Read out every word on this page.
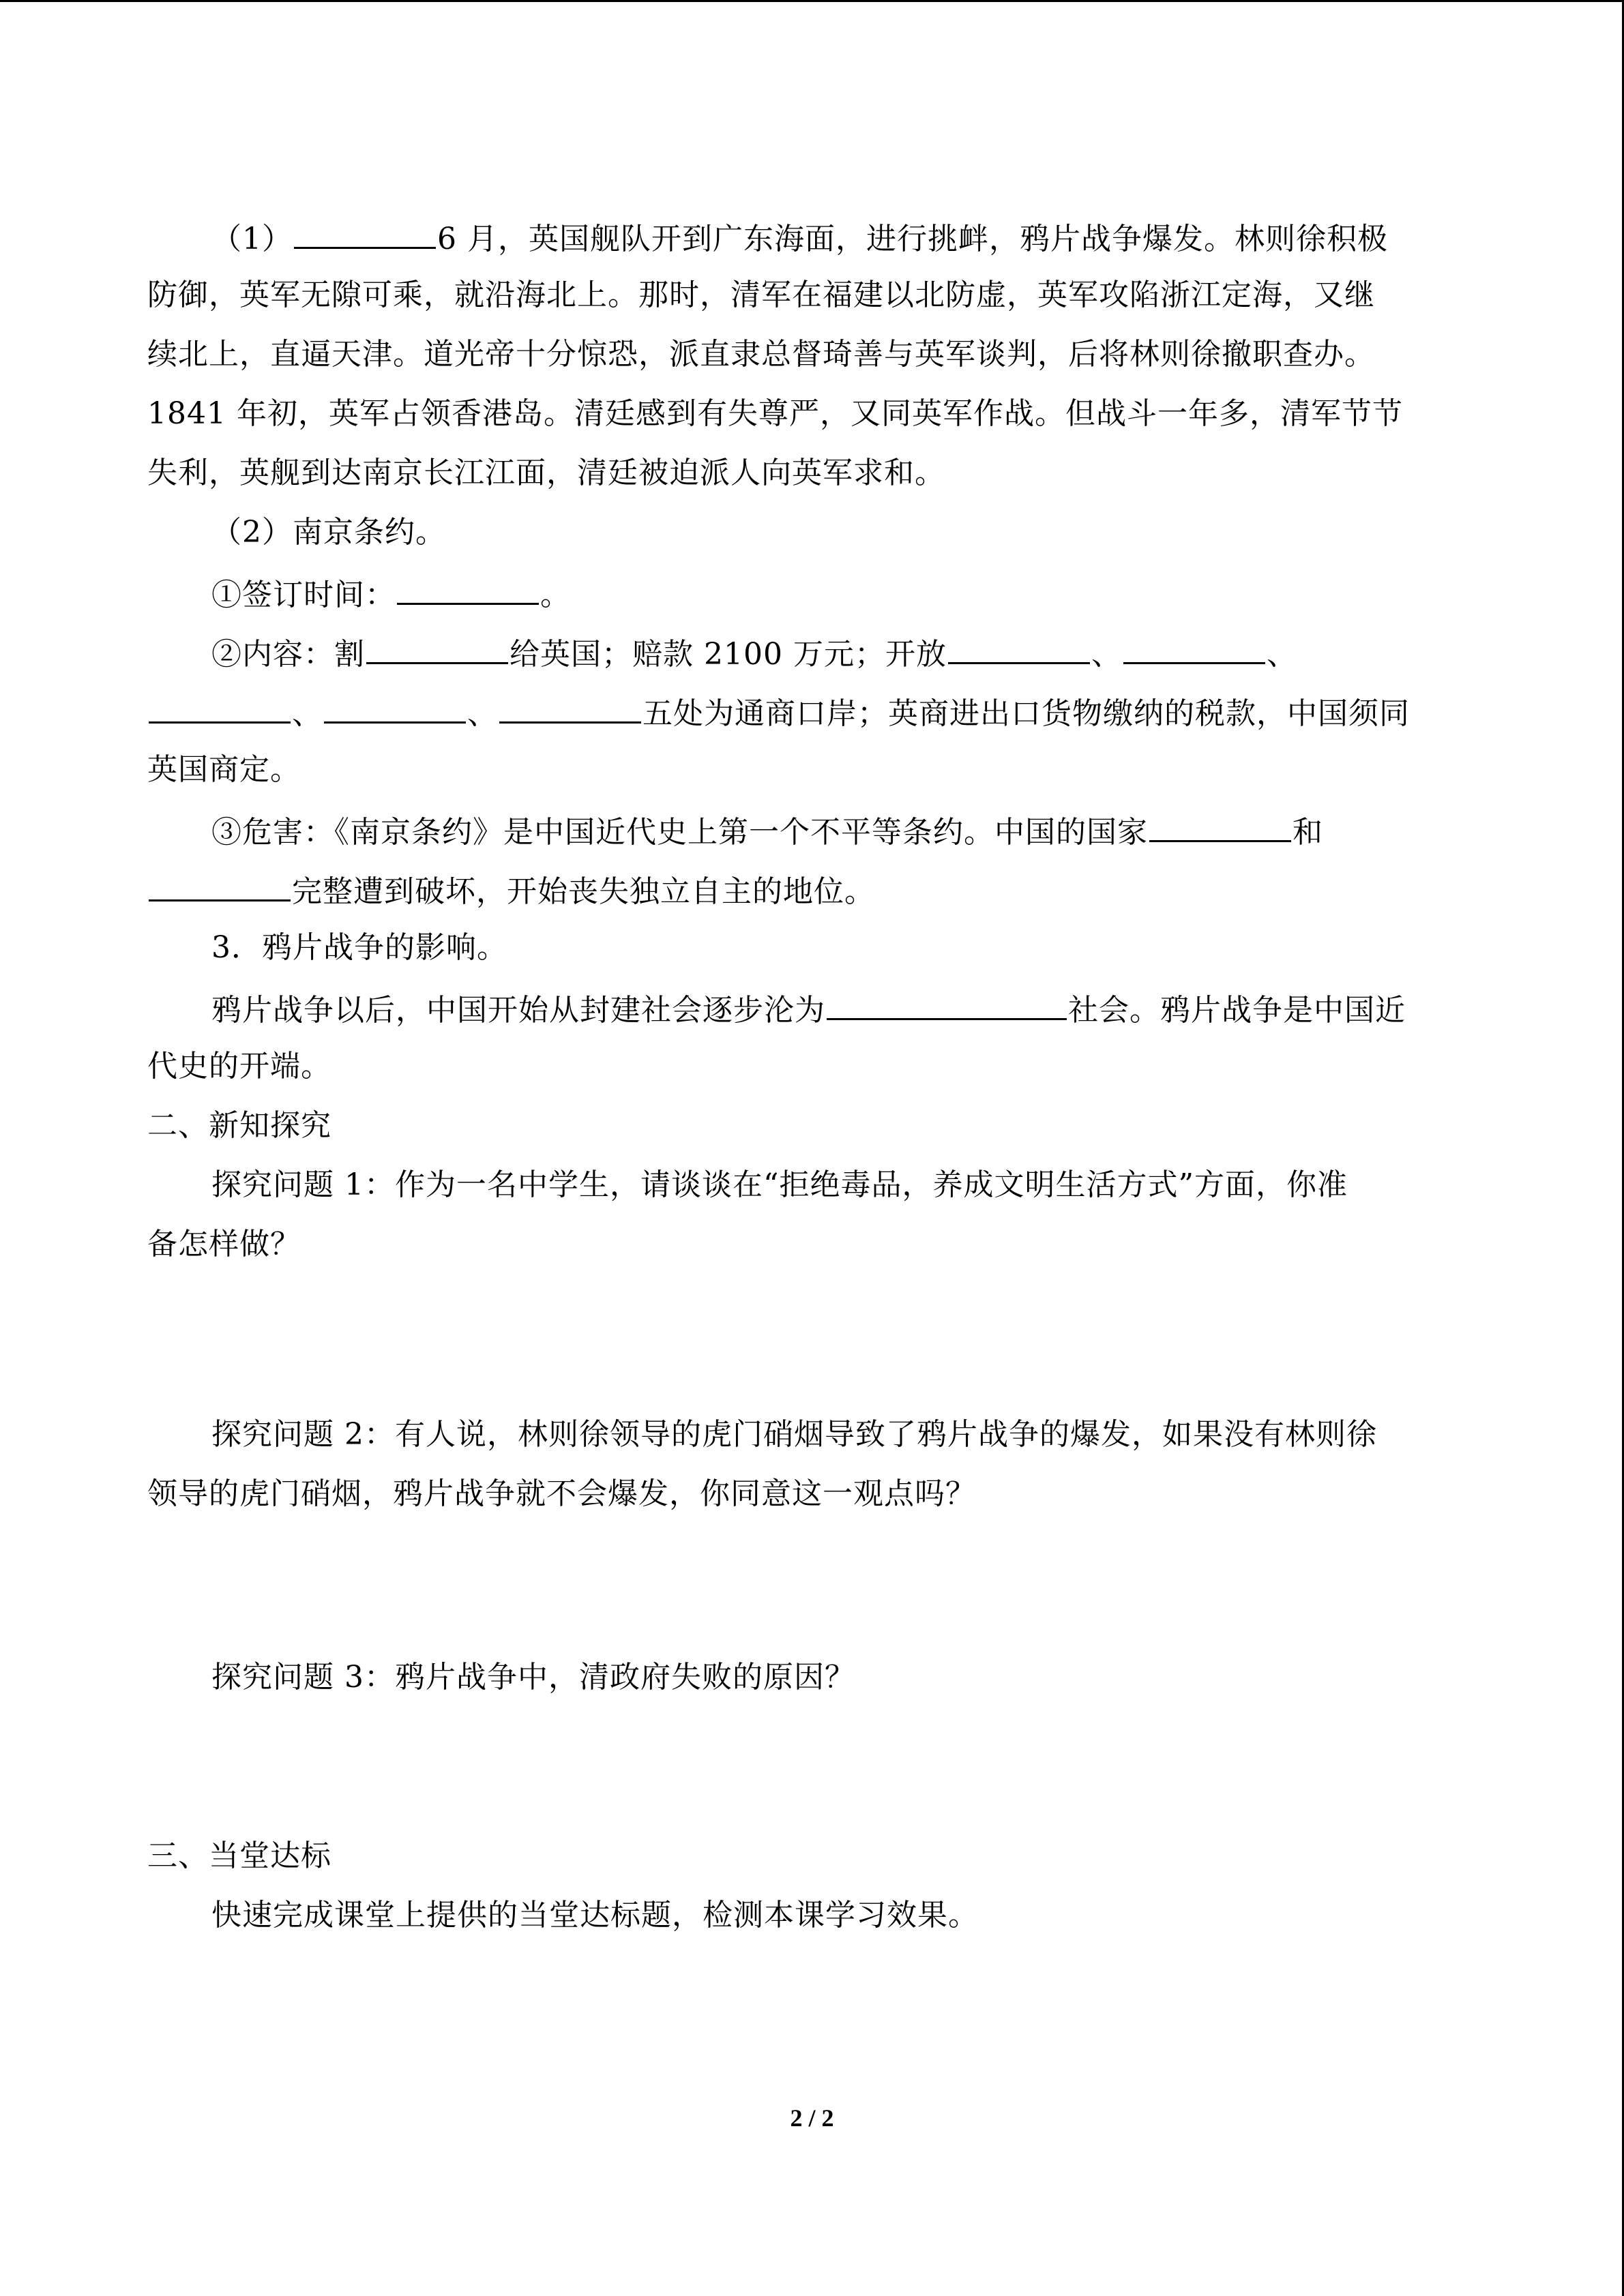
（1）	6 月，英国舰队开到广东海面，进行挑衅，鸦片战争爆发。林则徐积极
防御，英军无隙可乘，就沿海北上。那时，清军在福建以北防虚，英军攻陷浙江定海，又继
续北上，直逼天津。道光帝十分惊恐，派直隶总督琦善与英军谈判，后将林则徐撤职查办。
1841 年初，英军占领香港岛。清廷感到有失尊严，又同英军作战。但战斗一年多，清军节节
失利，英舰到达南京长江江面，清廷被迫派人向英军求和。
（2）南京条约。
①签订时间：	。
②内容：割	给英国；赔款 2100 万元；开放	、	、
、	、	五处为通商口岸；英商进出口货物缴纳的税款，中国须同
英国商定。
③危害：《南京条约》是中国近代史上第一个不平等条约。中国的国家	和
完整遭到破坏，开始丧失独立自主的地位。
3．鸦片战争的影响。
鸦片战争以后，中国开始从封建社会逐步沦为	社会。鸦片战争是中国近
代史的开端。
二、新知探究
探究问题 1：作为一名中学生，请谈谈在“拒绝毒品，养成文明生活方式”方面，你准
备怎样做？
探究问题 2：有人说，林则徐领导的虎门硝烟导致了鸦片战争的爆发，如果没有林则徐
领导的虎门硝烟，鸦片战争就不会爆发，你同意这一观点吗？
探究问题 3：鸦片战争中，清政府失败的原因？
三、当堂达标
快速完成课堂上提供的当堂达标题，检测本课学习效果。
2 / 2
